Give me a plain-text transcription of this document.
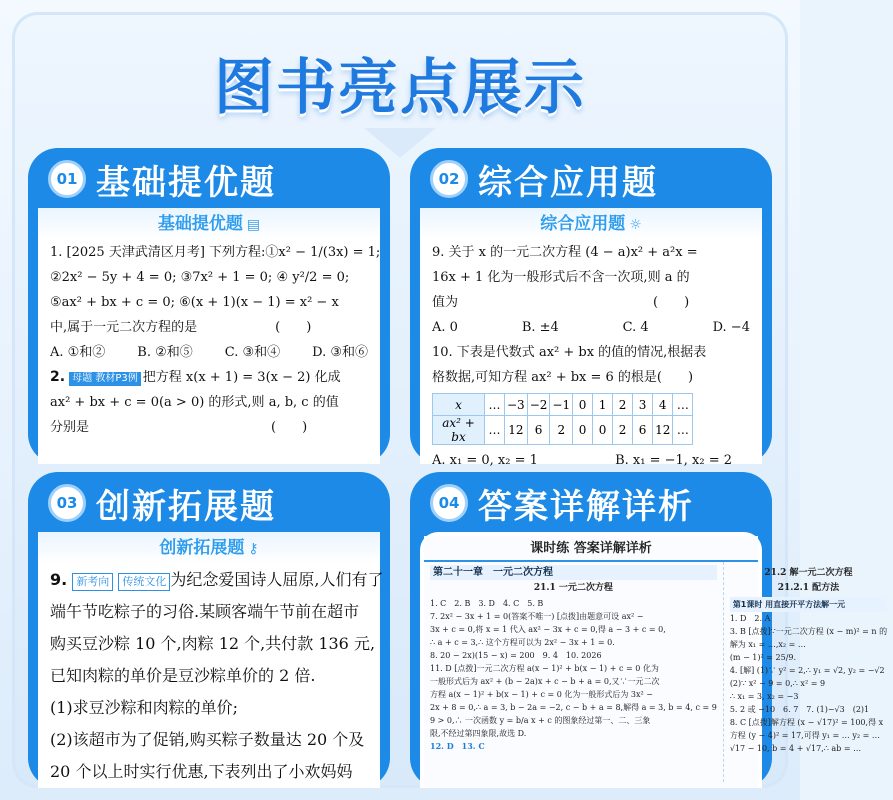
图书亮点展示
01 基础提优题
基础提优题 ▤
1. [2025 天津武清区月考] 下列方程:①x² − 1/(3x) = 1;
②2x² − 5y + 4 = 0; ③7x² + 1 = 0; ④ y²/2 = 0;
⑤ax² + bx + c = 0; ⑥(x + 1)(x − 1) = x² − x
中,属于一元二次方程的是　　　　　　(　　)
A. ①和② B. ②和⑤ C. ③和④ D. ③和⑥
2. 母题 教材P3例 把方程 x(x + 1) = 3(x − 2) 化成
ax² + bx + c = 0(a > 0) 的形式,则 a, b, c 的值
分别是　　　　　　　　　　　　　　(　　)
02 综合应用题
综合应用题 ☼
9. 关于 x 的一元二次方程 (4 − a)x² + a²x =
16x + 1 化为一般形式后不含一次项,则 a 的
值为　　　　　　　　　　　　　　　(　　)
A. 0	B. ±4	C. 4	D. −4
10. 下表是代数式 ax² + bx 的值的情况,根据表
格数据,可知方程 ax² + bx = 6 的根是(　　)
x	…	−3	−2	−1	0	1	2	3	4	…
ax² + bx	…	12	6	2	0	0	2	6	12	…
A. x₁ = 0, x₂ = 1	B. x₁ = −1, x₂ = 2
03 创新拓展题
创新拓展题 ⚷
9. 新考向 传统文化 为纪念爱国诗人屈原,人们有了
端午节吃粽子的习俗.某顾客端午节前在超市
购买豆沙粽 10 个,肉粽 12 个,共付款 136 元,
已知肉粽的单价是豆沙粽单价的 2 倍.
(1)求豆沙粽和肉粽的单价;
(2)该超市为了促销,购买粽子数量达 20 个及
20 个以上时实行优惠,下表列出了小欢妈妈
04 答案详解详析
课时练 答案详解详析
第二十一章　一元二次方程
21.1 一元二次方程
1. C　2. B　3. D　4. C　5. B
7. 2x² − 3x + 1 = 0(答案不唯一) [点拨]由题意可设 ax² −
3x + c = 0,将 x = 1 代入 ax² − 3x + c = 0,得 a − 3 + c = 0,
∴ a + c = 3,∴ 这个方程可以为 2x² − 3x + 1 = 0.
8. 20 − 2x)(15 − x) = 200　9. 4　10. 2026
11. D [点拨]一元二次方程 a(x − 1)² + b(x − 1) + c = 0 化为
一般形式后为 ax² + (b − 2a)x + c − b + a = 0,又∵一元二次
方程 a(x − 1)² + b(x − 1) + c = 0 化为一般形式后为 3x² −
2x + 8 = 0,∴ a = 3, b − 2a = −2, c − b + a = 8,解得 a = 3, b = 4, c = 9
9 > 0,∴ 一次函数 y = b/a x + c 的图象经过第一、二、三象
限,不经过第四象限,故选 D.
12. D　13. C
21.2 解一元二次方程
21.2.1 配方法
第1课时 用直接开平方法解一元
1. D　2. A
3. B [点拨]∵一元二次方程 (x − m)² = n 的
解为 x₁ = …,x₂ = …
(m − 1)² = 25/9.
4. [解] (1)∵ y² = 2,∴ y₁ = √2, y₂ = −√2
(2)∵ x² − 9 = 0,∴ x² = 9
∴ x₁ = 3, x₂ = −3
5. 2 或 −10　6. 7　7. (1)−√3　(2)1
8. C [点拨]解方程 (x − √17)² = 100,得 x
方程 (y − 4)² = 17,可得 y₁ = … y₂ = …
√17 − 10, b = 4 + √17,∴ ab = …
